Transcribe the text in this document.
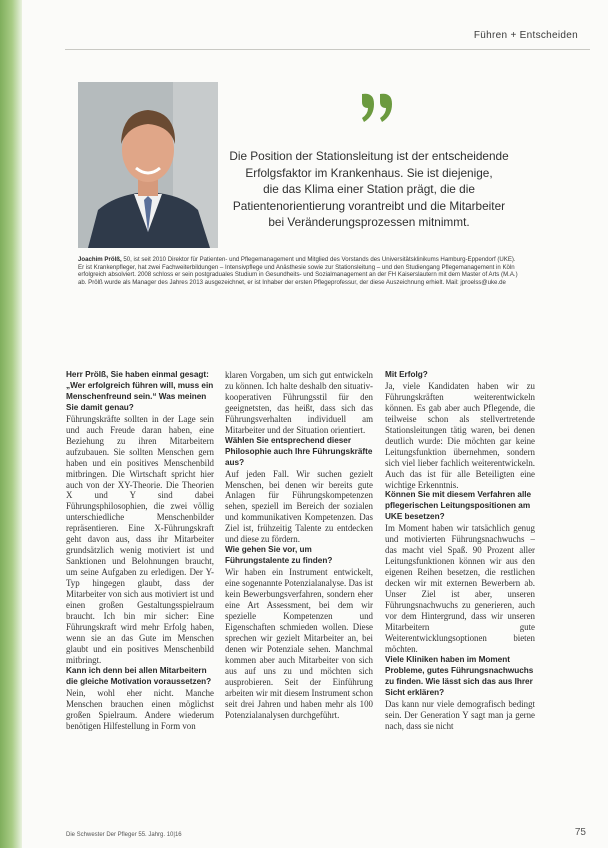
Führen + Entscheiden
Die Position der Stationsleitung ist der entscheidende
Erfolgsfaktor im Krankenhaus. Sie ist diejenige,
die das Klima einer Station prägt, die die
Patientenorientierung vorantreibt und die Mitarbeiter
bei Veränderungsprozessen mitnimmt.
Joachim Prölß, 50, ist seit 2010 Direktor für Patienten- und Pflegemanagement und Mitglied des Vorstands des Universitätsklinikums Hamburg-Eppendorf (UKE). Er ist Krankenpfleger, hat zwei Fachweiterbildungen – Intensivpflege und Anästhesie sowie zur Stationsleitung – und den Studiengang Pflegemanagement in Köln erfolgreich absolviert. 2008 schloss er sein postgraduales Studium in Gesundheits- und Sozialmanagement an der FH Kaiserslautern mit dem Master of Arts (M.A.) ab. Prölß wurde als Manager des Jahres 2013 ausgezeichnet, er ist Inhaber der ersten Pflegeprofessur, der diese Auszeichnung erhielt. Mail: jproelss@uke.de

Herr Prölß, Sie haben einmal gesagt: „Wer erfolgreich führen will, muss ein Menschenfreund sein.“ Was meinen Sie damit genau?

Führungskräfte sollten in der Lage sein und auch Freude daran haben, eine Beziehung zu ihren Mitarbeitern aufzubauen. Sie sollten Menschen gern haben und ein positives Menschenbild mitbringen. Die Wirtschaft spricht hier auch von der XY-Theorie. Die Theorien X und Y sind dabei Führungsphilosophien, die zwei völlig unterschiedliche Menschenbilder repräsentieren. Eine X-Führungskraft geht davon aus, dass ihr Mitarbeiter grundsätzlich wenig motiviert ist und Sanktionen und Belohnungen braucht, um seine Aufgaben zu erledigen. Der Y-Typ hingegen glaubt, dass der Mitarbeiter von sich aus motiviert ist und einen großen Gestaltungsspielraum braucht. Ich bin mir sicher: Eine Führungskraft wird mehr Erfolg haben, wenn sie an das Gute im Menschen glaubt und ein positives Menschenbild mitbringt.

Kann ich denn bei allen Mitarbeitern die gleiche Motivation voraussetzen?

Nein, wohl eher nicht. Manche Menschen brauchen einen möglichst großen Spielraum. Andere wiederum benötigen Hilfestellung in Form von

klaren Vorgaben, um sich gut entwickeln zu können. Ich halte deshalb den situativ-kooperativen Führungsstil für den geeignetsten, das heißt, dass sich das Führungsverhalten individuell am Mitarbeiter und der Situation orientiert.

Wählen Sie entsprechend dieser Philosophie auch Ihre Führungskräfte aus?

Auf jeden Fall. Wir suchen gezielt Menschen, bei denen wir bereits gute Anlagen für Führungskompetenzen sehen, speziell im Bereich der sozialen und kommunikativen Kompetenzen. Das Ziel ist, frühzeitig Talente zu entdecken und diese zu fördern.

Wie gehen Sie vor, um Führungstalente zu finden?

Wir haben ein Instrument entwickelt, eine sogenannte Potenzialanalyse. Das ist kein Bewerbungsverfahren, sondern eher eine Art Assessment, bei dem wir spezielle Kompetenzen und Eigenschaften schmieden wollen. Diese sprechen wir gezielt Mitarbeiter an, bei denen wir Potenziale sehen. Manchmal kommen aber auch Mitarbeiter von sich aus auf uns zu und möchten sich ausprobieren. Seit der Einführung arbeiten wir mit diesem Instrument schon seit drei Jahren und haben mehr als 100 Potenzialanalysen durchgeführt.

Mit Erfolg?

Ja, viele Kandidaten haben wir zu Führungskräften weiterentwickeln können. Es gab aber auch Pflegende, die teilweise schon als stellvertretende Stationsleitungen tätig waren, bei denen deutlich wurde: Die möchten gar keine Leitungsfunktion übernehmen, sondern sich viel lieber fachlich weiterentwickeln. Auch das ist für alle Beteiligten eine wichtige Erkenntnis.

Können Sie mit diesem Verfahren alle pflegerischen Leitungspositionen am UKE besetzen?

Im Moment haben wir tatsächlich genug und motivierten Führungsnachwuchs – das macht viel Spaß. 90 Prozent aller Leitungsfunktionen können wir aus den eigenen Reihen besetzen, die restlichen decken wir mit externen Bewerbern ab. Unser Ziel ist aber, unseren Führungsnachwuchs zu generieren, auch vor dem Hintergrund, dass wir unseren Mitarbeitern gute Weiterentwicklungsoptionen bieten möchten.

Viele Kliniken haben im Moment Probleme, gutes Führungsnachwuchs zu finden. Wie lässt sich das aus Ihrer Sicht erklären?

Das kann nur viele demografisch bedingt sein. Der Generation Y sagt man ja gerne nach, dass sie nicht

Die Schwester Der Pfleger 55. Jahrg. 10|16	75
